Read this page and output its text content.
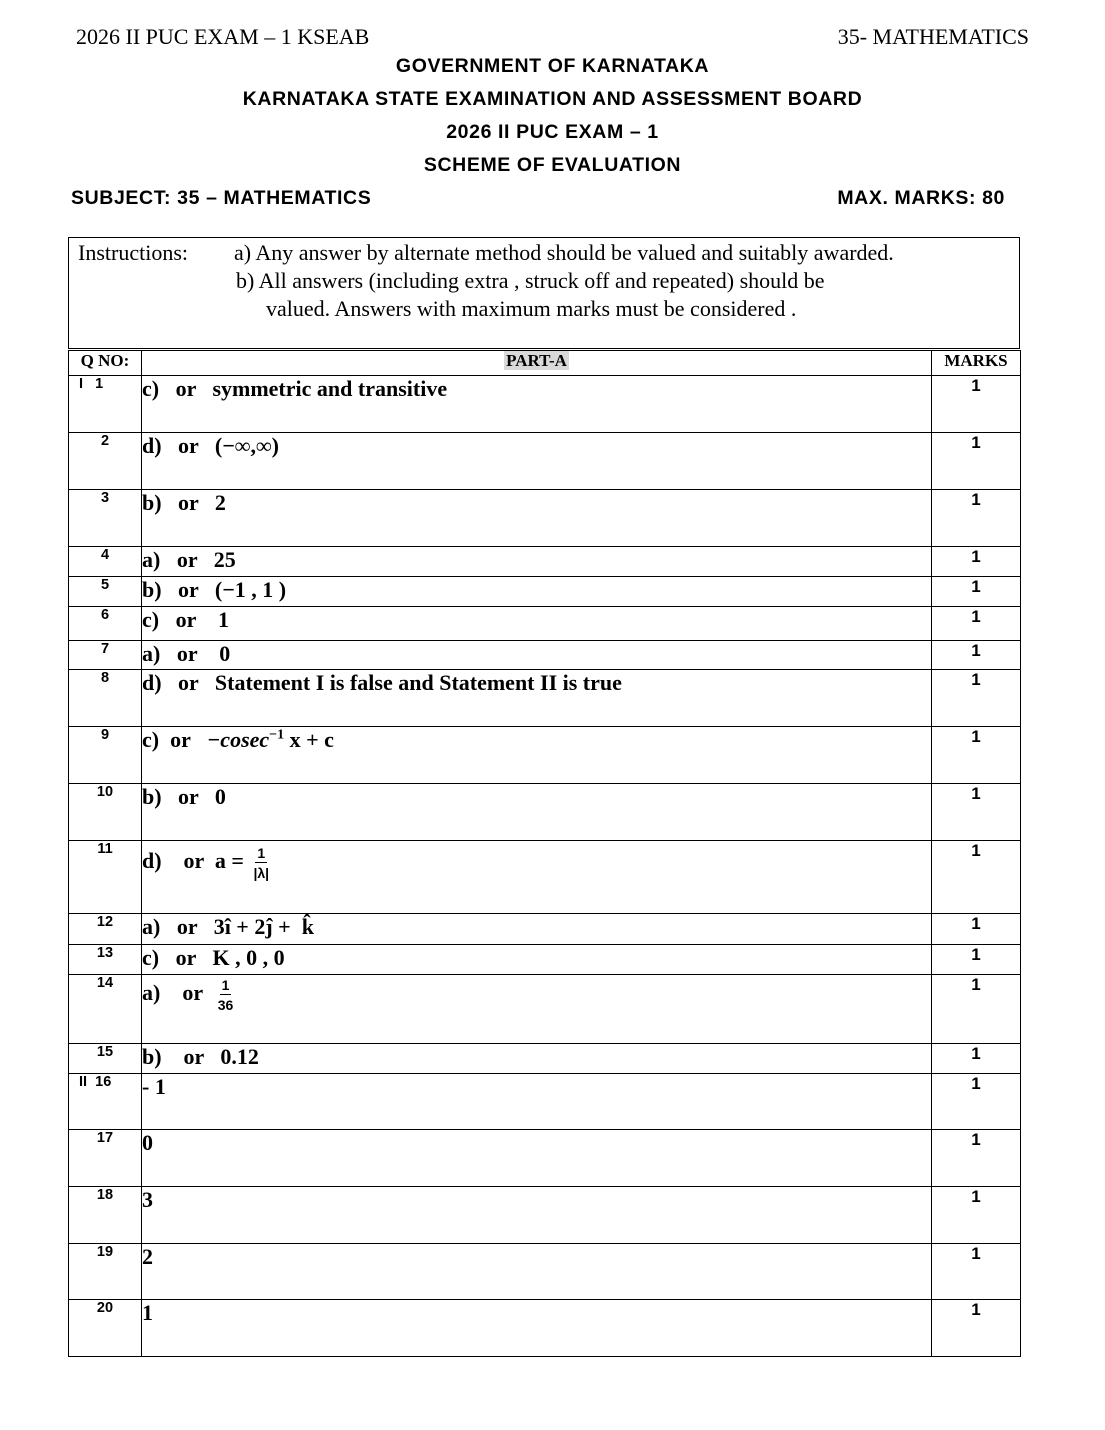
2026 II PUC EXAM – 1 KSEAB	35- MATHEMATICS
GOVERNMENT OF KARNATAKA
KARNATAKA STATE EXAMINATION AND ASSESSMENT BOARD
2026 II PUC EXAM – 1
SCHEME OF EVALUATION
SUBJECT: 35 – MATHEMATICS	MAX. MARKS: 80
Instructions: a) Any answer by alternate method should be valued and suitably awarded.
b) All answers (including extra , struck off and repeated) should be
valued. Answers with maximum marks must be considered .
Q NO:	PART-A	MARKS
I 1	c)   or   symmetric and transitive	1
2	d)   or   (−∞,∞)	1
3	b)   or   2	1
4	a)   or   25	1
5	b)   or   (−1 , 1 )	1
6	c)   or    1	1
7	a)   or    0	1
8	d)   or   Statement I is false and Statement II is true	1
9	c)  or   −cosec$^{-1}$ x + c	1
10	b)   or   0	1
11	d)    or  $a = \frac{1}{|\lambda|}$	1
12	a)   or   3î + 2ĵ +  k̂	1
13	c)   or   K , 0 , 0	1
14	a)    or $\frac{1}{36}$	1
15	b)    or   0.12	1
II 16	- 1	1
17	0	1
18	3	1
19	2	1
20	1	1
